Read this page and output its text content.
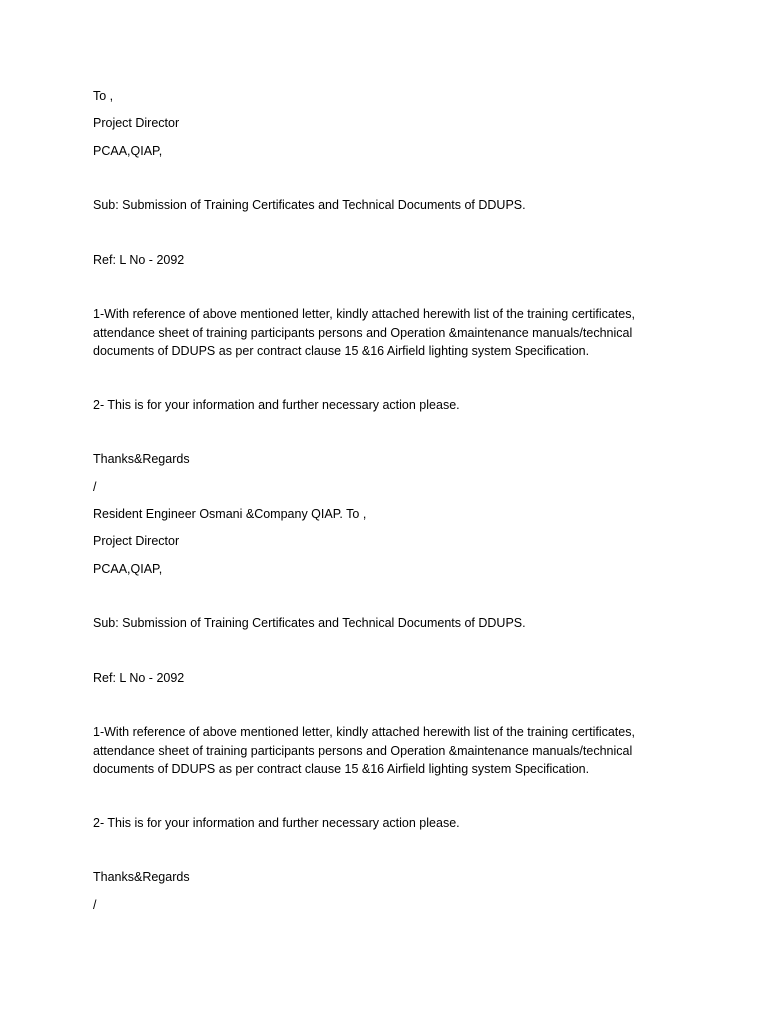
To ,

Project Director

PCAA,QIAP,

Sub: Submission of Training Certificates and Technical Documents of DDUPS.

Ref: L No - 2092

1-With reference of above mentioned letter, kindly attached herewith list of the training certificates,
attendance sheet of training participants persons and Operation &maintenance manuals/technical
documents of DDUPS as per contract clause 15 &16 Airfield lighting system Specification.

2- This is for your information and further necessary action please.

Thanks&Regards

/

Resident Engineer Osmani &Company QIAP. To ,

Project Director

PCAA,QIAP,

Sub: Submission of Training Certificates and Technical Documents of DDUPS.

Ref: L No - 2092

1-With reference of above mentioned letter, kindly attached herewith list of the training certificates,
attendance sheet of training participants persons and Operation &maintenance manuals/technical
documents of DDUPS as per contract clause 15 &16 Airfield lighting system Specification.

2- This is for your information and further necessary action please.

Thanks&Regards

/
